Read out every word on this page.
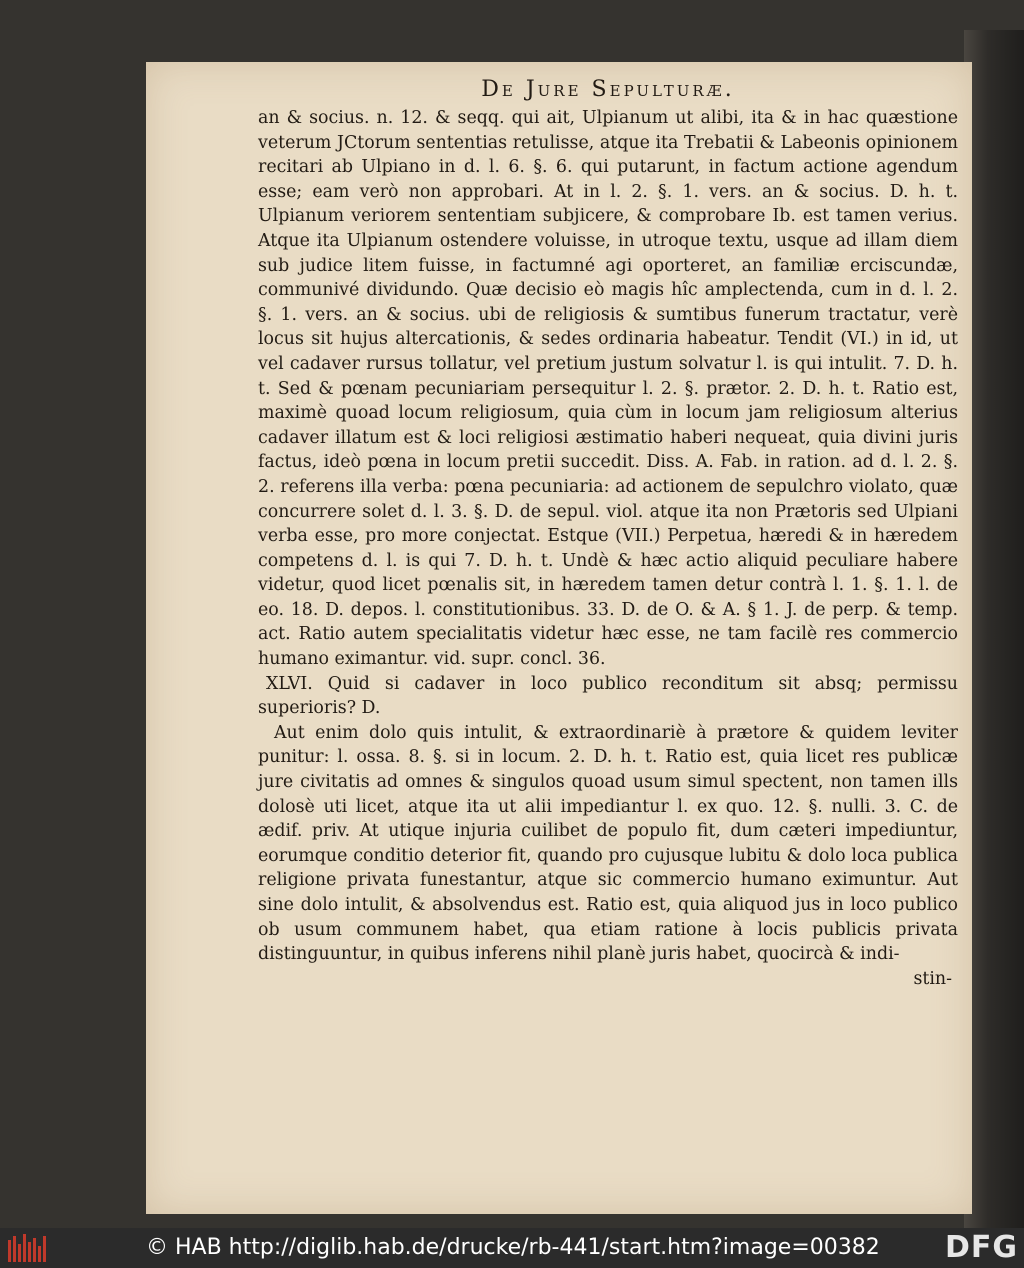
De Jure Sepulturæ.

an & socius. n. 12. & seqq. qui ait, Ulpianum ut alibi, ita & in hac quæstione veterum JCtorum sententias retulisse, atque ita Trebatii & Labeonis opinionem recitari ab Ulpiano in d. l. 6. §. 6. qui putarunt, in factum actione agendum esse; eam verò non approbari. At in l. 2. §. 1. vers. an & socius. D. h. t. Ulpianum veriorem sententiam subjicere, & comprobare Ib. est tamen verius. Atque ita Ulpianum ostendere voluisse, in utroque textu, usque ad illam diem sub judice litem fuisse, in factumné agi oporteret, an familiæ erciscundæ, communivé dividundo. Quæ decisio eò magis hîc amplectenda, cum in d. l. 2. §. 1. vers. an & socius. ubi de religiosis & sumtibus funerum tractatur, verè locus sit hujus altercationis, & sedes ordinaria habeatur. Tendit (VI.) in id, ut vel cadaver rursus tollatur, vel pretium justum solvatur l. is qui intulit. 7. D. h. t. Sed & pœnam pecuniariam persequitur l. 2. §. prætor. 2. D. h. t. Ratio est, maximè quoad locum religiosum, quia cùm in locum jam religiosum alterius cadaver illatum est & loci religiosi æstimatio haberi nequeat, quia divini juris factus, ideò pœna in locum pretii succedit. Diss. A. Fab. in ration. ad d. l. 2. §. 2. referens illa verba: pœna pecuniaria: ad actionem de sepulchro violato, quæ concurrere solet d. l. 3. §. D. de sepul. viol. atque ita non Prætoris sed Ulpiani verba esse, pro more conjectat. Estque (VII.) Perpetua, hæredi & in hæredem competens d. l. is qui 7. D. h. t. Undè & hæc actio aliquid peculiare habere videtur, quod licet pœnalis sit, in hæredem tamen detur contrà l. 1. §. 1. l. de eo. 18. D. depos. l. constitutionibus. 33. D. de O. & A. § 1. J. de perp. & temp. act. Ratio autem specialitatis videtur hæc esse, ne tam facilè res commercio humano eximantur. vid. supr. concl. 36.

XLVI. Quid si cadaver in loco publico reconditum sit absq; permissu superioris? D.

Aut enim dolo quis intulit, & extraordinariè à prætore & quidem leviter punitur: l. ossa. 8. §. si in locum. 2. D. h. t. Ratio est, quia licet res publicæ jure civitatis ad omnes & singulos quoad usum simul spectent, non tamen ills dolosè uti licet, atque ita ut alii impediantur l. ex quo. 12. §. nulli. 3. C. de ædif. priv. At utique injuria cuilibet de populo fit, dum cæteri impediuntur, eorumque conditio deterior fit, quando pro cujusque lubitu & dolo loca publica religione privata funestantur, atque sic commercio humano eximuntur. Aut sine dolo intulit, & absolvendus est. Ratio est, quia aliquod jus in loco publico ob usum communem habet, qua etiam ratione à locis publicis privata distinguuntur, in quibus inferens nihil planè juris habet, quocircà & indi-

stin-
© HAB http://diglib.hab.de/drucke/rb-441/start.htm?image=00382 DFG
